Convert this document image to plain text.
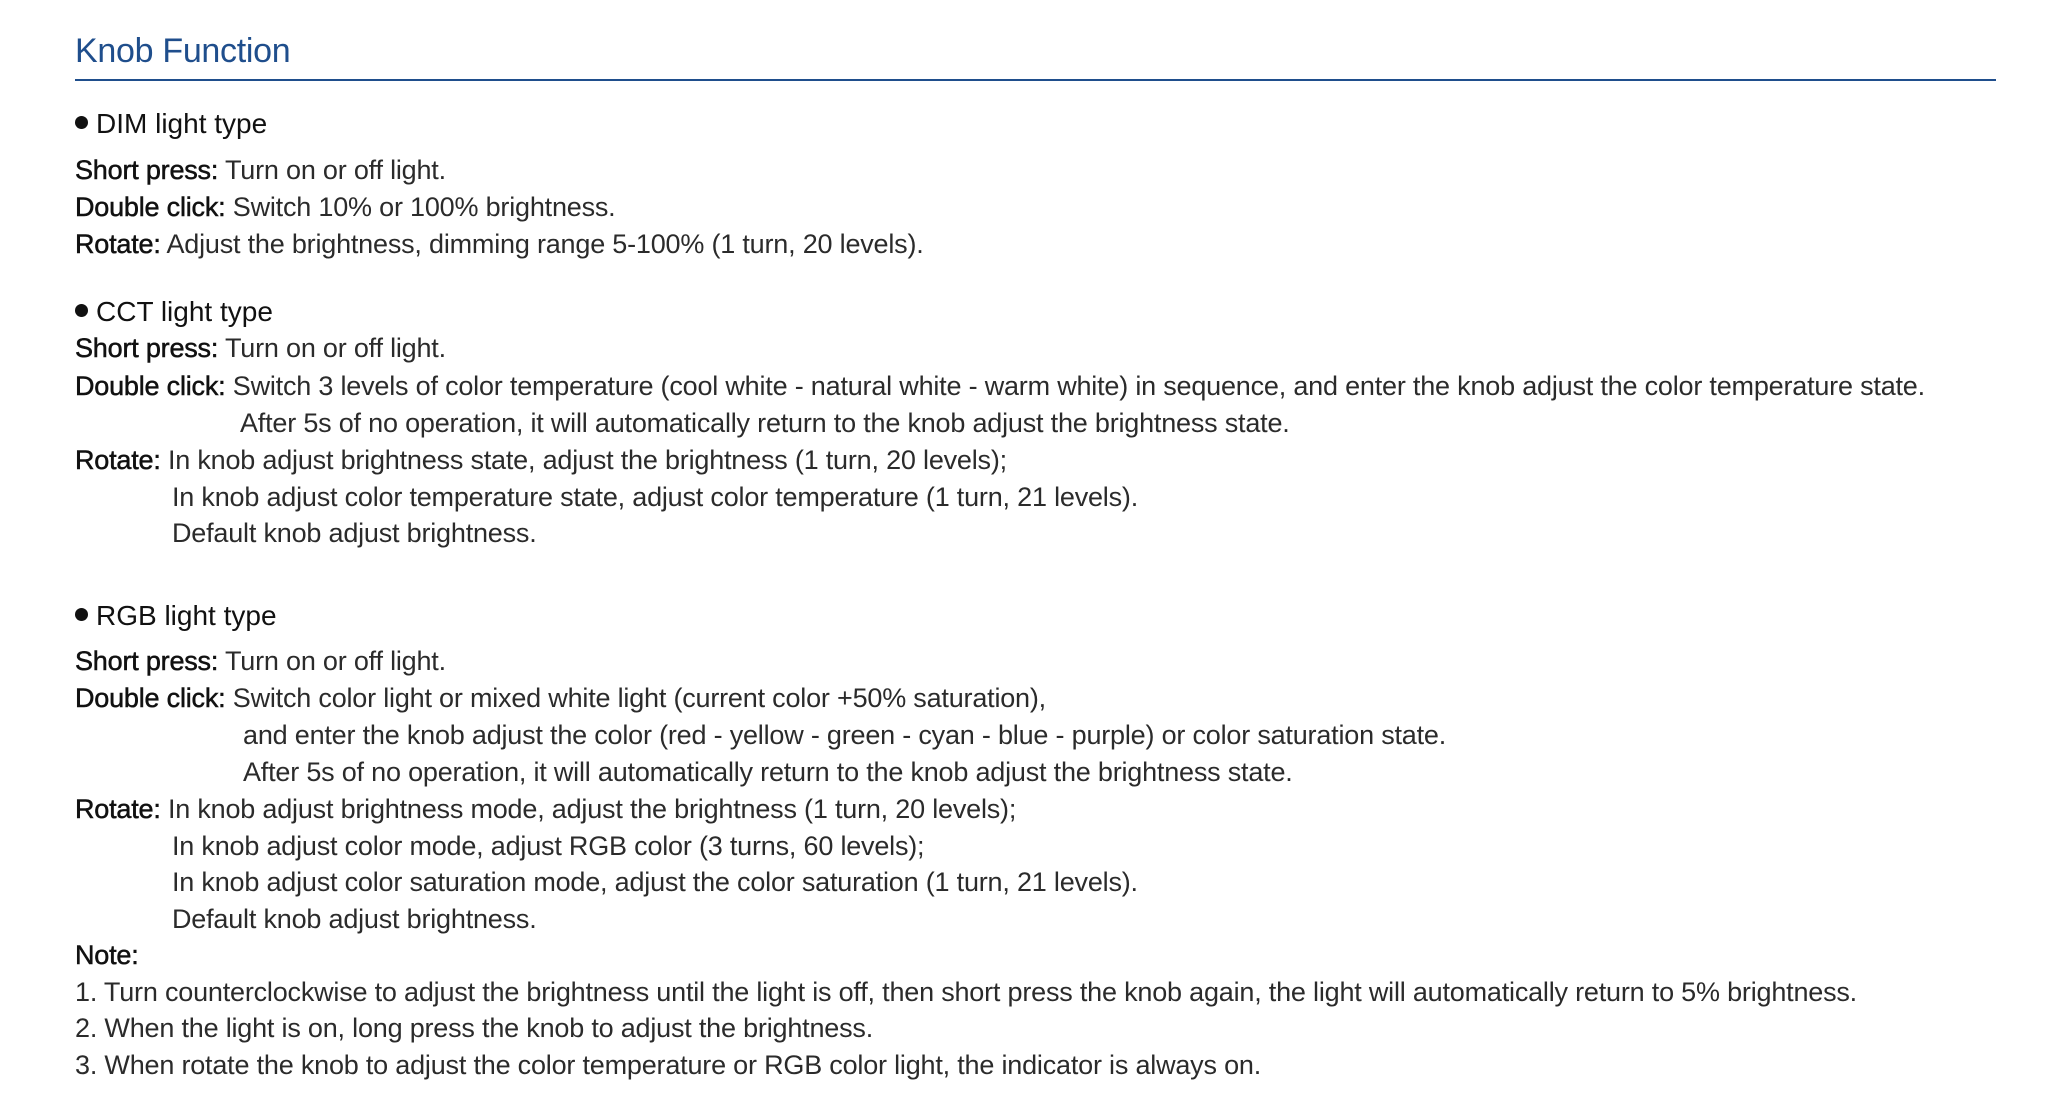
Knob Function
DIM light type
Short press: Turn on or off light.
Double click: Switch 10% or 100% brightness.
Rotate: Adjust the brightness, dimming range 5-100% (1 turn, 20 levels).
CCT light type
Short press: Turn on or off light.
Double click: Switch 3 levels of color temperature (cool white - natural white - warm white) in sequence, and enter the knob adjust the color temperature state.
After 5s of no operation, it will automatically return to the knob adjust the brightness state.
Rotate: In knob adjust brightness state, adjust the brightness (1 turn, 20 levels);
In knob adjust color temperature state, adjust color temperature (1 turn, 21 levels).
Default knob adjust brightness.
RGB light type
Short press: Turn on or off light.
Double click: Switch color light or mixed white light (current color +50% saturation),
and enter the knob adjust the color (red - yellow - green - cyan - blue - purple) or color saturation state.
After 5s of no operation, it will automatically return to the knob adjust the brightness state.
Rotate: In knob adjust brightness mode, adjust the brightness (1 turn, 20 levels);
In knob adjust color mode, adjust RGB color (3 turns, 60 levels);
In knob adjust color saturation mode, adjust the color saturation (1 turn, 21 levels).
Default knob adjust brightness.
Note:
1. Turn counterclockwise to adjust the brightness until the light is off, then short press the knob again, the light will automatically return to 5% brightness.
2. When the light is on, long press the knob to adjust the brightness.
3. When rotate the knob to adjust the color temperature or RGB color light, the indicator is always on.
